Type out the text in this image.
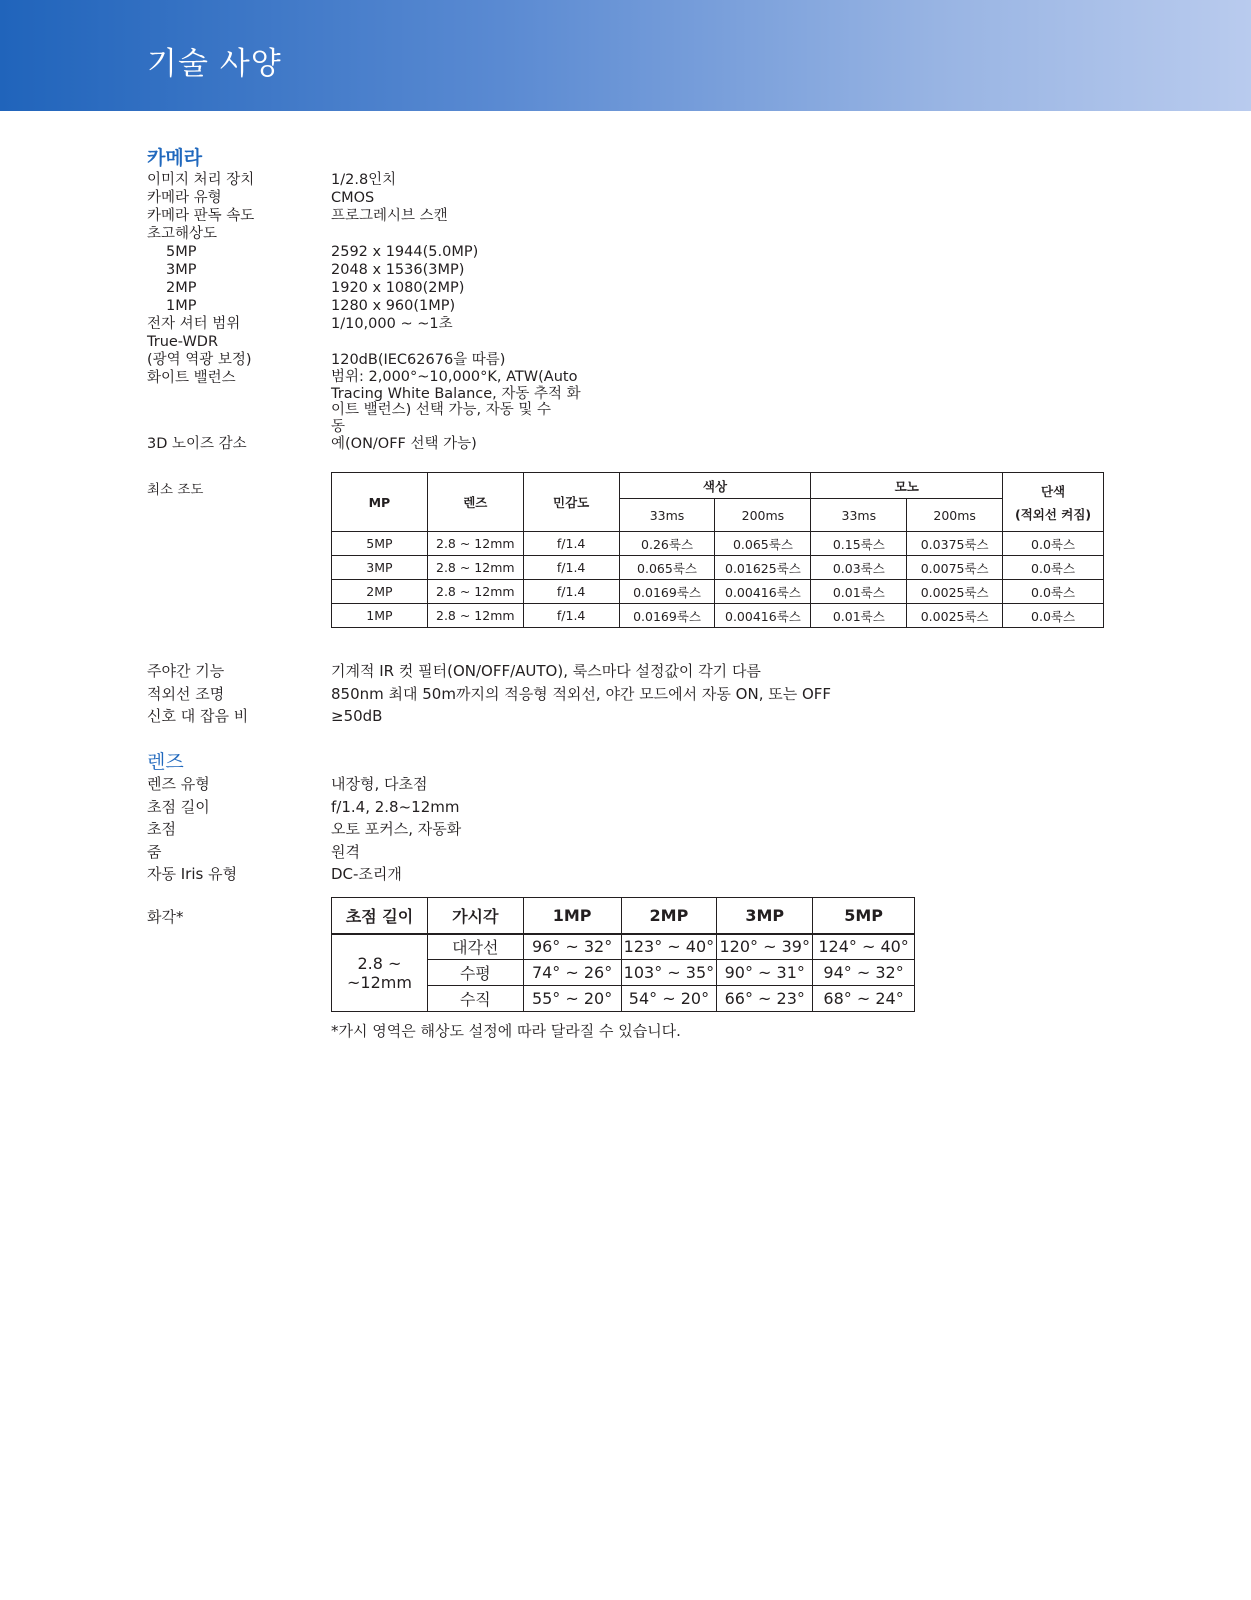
기술 사양
카메라
이미지 처리 장치	1/2.8인치
카메라 유형	CMOS
카메라 판독 속도	프로그레시브 스캔
초고해상도
5MP	2592 x 1944(5.0MP)
3MP	2048 x 1536(3MP)
2MP	1920 x 1080(2MP)
1MP	1280 x 960(1MP)
전자 셔터 범위	1/10,000 ~ ~1초
True-WDR
(광역 역광 보정)	120dB(IEC62676을 따름)
화이트 밸런스	범위: 2,000°~10,000°K, ATW(Auto
Tracing White Balance, 자동 추적 화
이트 밸런스) 선택 가능, 자동 및 수
동
3D 노이즈 감소	예(ON/OFF 선택 가능)
최소 조도
MP	렌즈	민감도	색상		모노		단색
(적외선 켜짐)

			33ms	200ms	33ms	200ms	
5MP	2.8 ~ 12mm	f/1.4	0.26룩스	0.065룩스	0.15룩스	0.0375룩스	0.0룩스
3MP	2.8 ~ 12mm	f/1.4	0.065룩스	0.01625룩스	0.03룩스	0.0075룩스	0.0룩스
2MP	2.8 ~ 12mm	f/1.4	0.0169룩스	0.00416룩스	0.01룩스	0.0025룩스	0.0룩스
1MP	2.8 ~ 12mm	f/1.4	0.0169룩스	0.00416룩스	0.01룩스	0.0025룩스	0.0룩스
주야간 기능	기계적 IR 컷 필터(ON/OFF/AUTO), 룩스마다 설정값이 각기 다름
적외선 조명	850nm 최대 50m까지의 적응형 적외선, 야간 모드에서 자동 ON, 또는 OFF
신호 대 잡음 비	≥50dB
렌즈
렌즈 유형	내장형, 다초점
초점 길이	f/1.4, 2.8~12mm
초점	오토 포커스, 자동화
줌	원격
자동 Iris 유형	DC-조리개
화각*	초점 길이	가시각	1MP	2MP	3MP	5MP

2.8 ~
~12mm	대각선	96° ~ 32°	123° ~ 40°	120° ~ 39°	124° ~ 40°
	수평	74° ~ 26°	103° ~ 35°	90° ~ 31°	94° ~ 32°
	수직	55° ~ 20°	54° ~ 20°	66° ~ 23°	68° ~ 24°
*가시 영역은 해상도 설정에 따라 달라질 수 있습니다.
